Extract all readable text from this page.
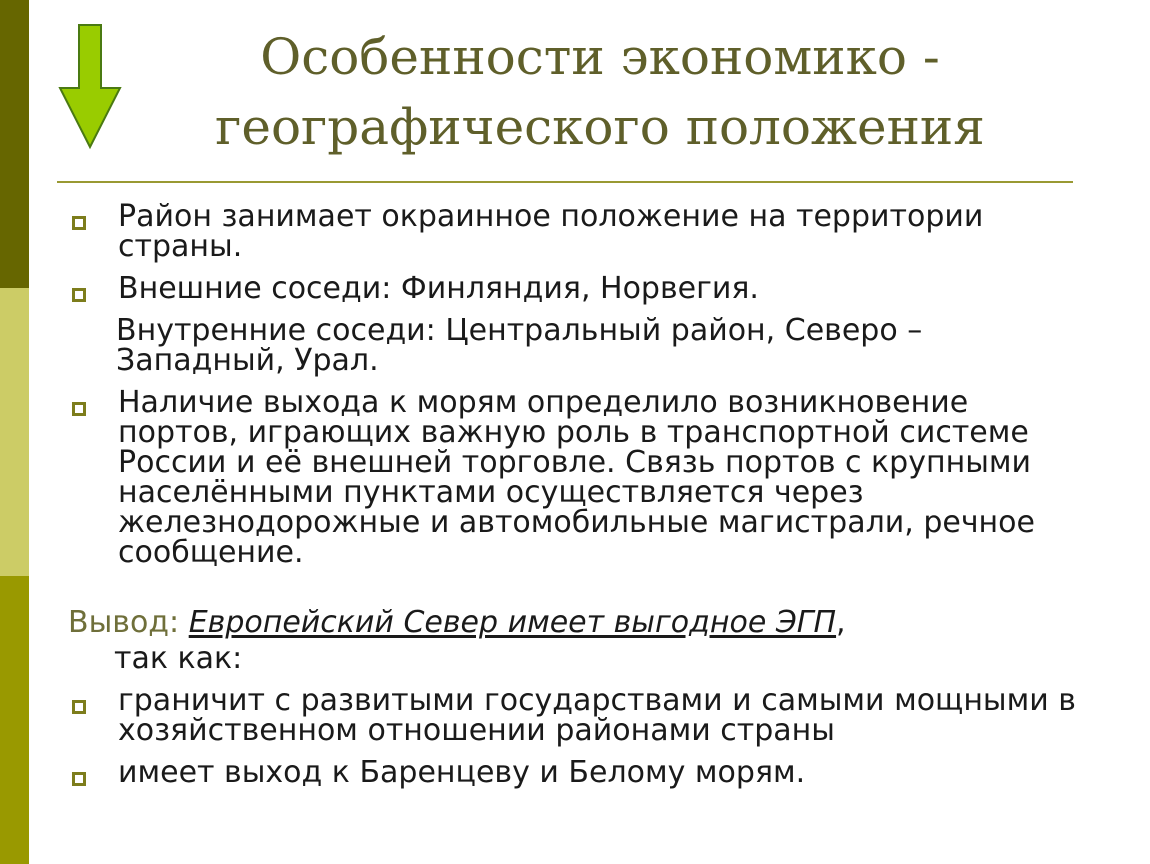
Особенности экономико -
географического положения
Район занимает окраинное положение на территории страны.
Внешние соседи: Финляндия, Норвегия.
Внутренние соседи: Центральный район, Северо – Западный, Урал.
Наличие выхода к морям определило возникновение портов, играющих важную роль в транспортной системе России и её внешней торговле. Связь портов с крупными населёнными пунктами осуществляется через железнодорожные и автомобильные магистрали, речное сообщение.
Вывод: Европейский Север имеет выгодное ЭГП,
так как:
граничит с развитыми государствами и самыми мощными в хозяйственном отношении районами страны
имеет выход к Баренцеву и Белому морям.
